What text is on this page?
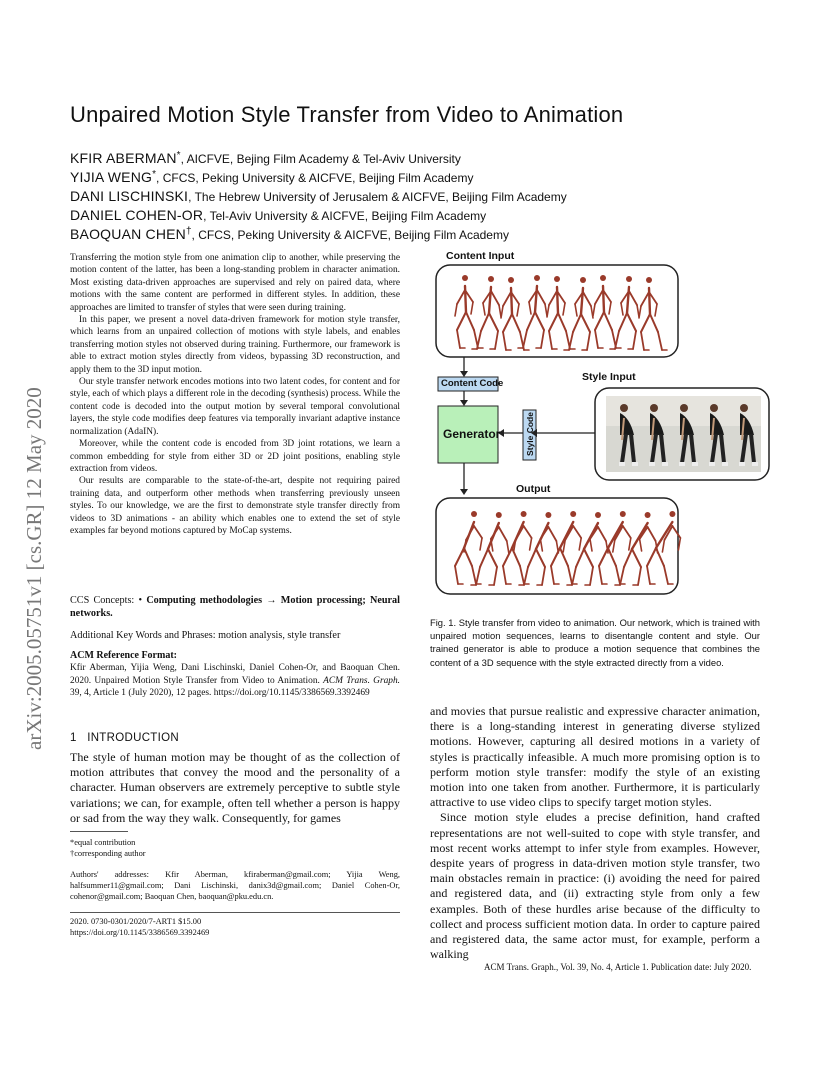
Unpaired Motion Style Transfer from Video to Animation
KFIR ABERMAN*, AICFVE, Bejing Film Academy & Tel-Aviv University
YIJIA WENG*, CFCS, Peking University & AICFVE, Beijing Film Academy
DANI LISCHINSKI, The Hebrew University of Jerusalem & AICFVE, Beijing Film Academy
DANIEL COHEN-OR, Tel-Aviv University & AICFVE, Beijing Film Academy
BAOQUAN CHEN†, CFCS, Peking University & AICFVE, Beijing Film Academy
arXiv:2005.05751v1 [cs.GR] 12 May 2020

Transferring the motion style from one animation clip to another, while preserving the motion content of the latter, has been a long-standing problem in character animation. Most existing data-driven approaches are supervised and rely on paired data, where motions with the same content are performed in different styles. In addition, these approaches are limited to transfer of styles that were seen during training.

In this paper, we present a novel data-driven framework for motion style transfer, which learns from an unpaired collection of motions with style labels, and enables transferring motion styles not observed during training. Furthermore, our framework is able to extract motion styles directly from videos, bypassing 3D reconstruction, and apply them to the 3D input motion.

Our style transfer network encodes motions into two latent codes, for content and for style, each of which plays a different role in the decoding (synthesis) process. While the content code is decoded into the output motion by several temporal convolutional layers, the style code modifies deep features via temporally invariant adaptive instance normalization (AdaIN).

Moreover, while the content code is encoded from 3D joint rotations, we learn a common embedding for style from either 3D or 2D joint positions, enabling style extraction from videos.

Our results are comparable to the state-of-the-art, despite not requiring paired training data, and outperform other methods when transferring previously unseen styles. To our knowledge, we are the first to demonstrate style transfer directly from videos to 3D animations - an ability which enables one to extend the set of style examples far beyond motions captured by MoCap systems.

CCS Concepts: • Computing methodologies → Motion processing; Neural networks.
Additional Key Words and Phrases: motion analysis, style transfer
ACM Reference Format:
Kfir Aberman, Yijia Weng, Dani Lischinski, Daniel Cohen-Or, and Baoquan Chen. 2020. Unpaired Motion Style Transfer from Video to Animation. ACM Trans. Graph. 39, 4, Article 1 (July 2020), 12 pages. https://doi.org/10.1145/3386569.3392469
1 INTRODUCTION

The style of human motion may be thought of as the collection of motion attributes that convey the mood and the personality of a character. Human observers are extremely perceptive to subtle style variations; we can, for example, often tell whether a person is happy or sad from the way they walk. Consequently, for games

*equal contribution
†corresponding author
Authors' addresses: Kfir Aberman, kfiraberman@gmail.com; Yijia Weng, halfsummer11@gmail.com; Dani Lischinski, danix3d@gmail.com; Daniel Cohen-Or, cohenor@gmail.com; Baoquan Chen, baoquan@pku.edu.cn.
2020. 0730-0301/2020/7-ART1 $15.00
https://doi.org/10.1145/3386569.3392469
Content Input
Content Code
Style Input
Generator	Style Code
Output
Fig. 1. Style transfer from video to animation. Our network, which is trained with unpaired motion sequences, learns to disentangle content and style. Our trained generator is able to produce a motion sequence that combines the content of a 3D sequence with the style extracted directly from a video.

and movies that pursue realistic and expressive character animation, there is a long-standing interest in generating diverse stylized motions. However, capturing all desired motions in a variety of styles is practically infeasible. A much more promising option is to perform motion style transfer: modify the style of an existing motion into one taken from another. Furthermore, it is particularly attractive to use video clips to specify target motion styles.

Since motion style eludes a precise definition, hand crafted representations are not well-suited to cope with style transfer, and most recent works attempt to infer style from examples. However, despite years of progress in data-driven motion style transfer, two main obstacles remain in practice: (i) avoiding the need for paired and registered data, and (ii) extracting style from only a few examples. Both of these hurdles arise because of the difficulty to collect and process sufficient motion data. In order to capture paired and registered data, the same actor must, for example, perform a walking

ACM Trans. Graph., Vol. 39, No. 4, Article 1. Publication date: July 2020.
